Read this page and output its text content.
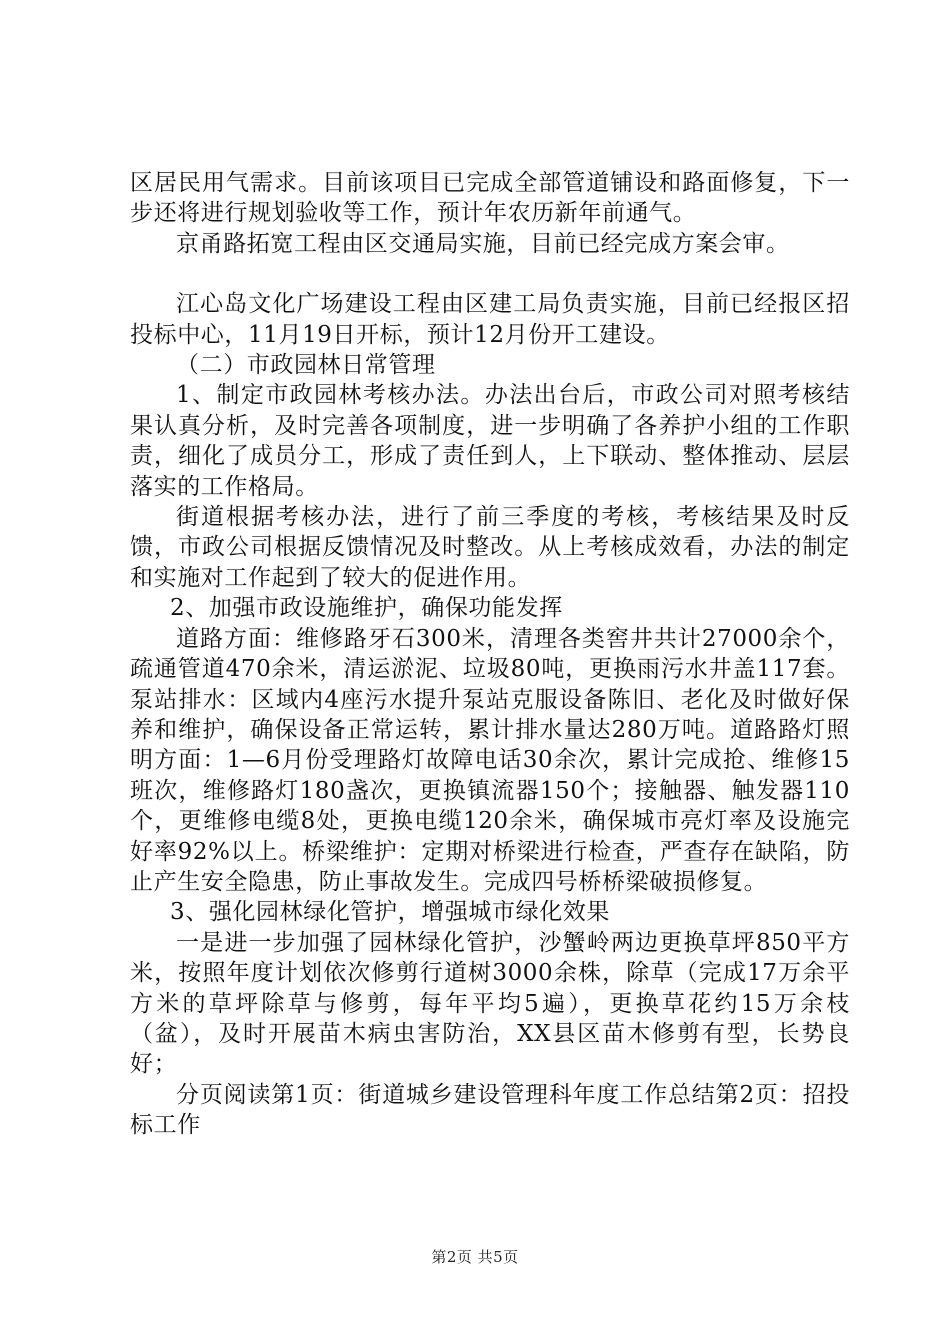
区居民用气需求。目前该项目已完成全部管道铺设和路面修复，下一步还将进行规划验收等工作，预计年农历新年前通气。

京甬路拓宽工程由区交通局实施，目前已经完成方案会审。

江心岛文化广场建设工程由区建工局负责实施，目前已经报区招投标中心，11月19日开标，预计12月份开工建设。

（二）市政园林日常管理

1、制定市政园林考核办法。办法出台后，市政公司对照考核结果认真分析，及时完善各项制度，进一步明确了各养护小组的工作职责，细化了成员分工，形成了责任到人，上下联动、整体推动、层层落实的工作格局。

街道根据考核办法，进行了前三季度的考核，考核结果及时反馈，市政公司根据反馈情况及时整改。从上考核成效看，办法的制定和实施对工作起到了较大的促进作用。

2、加强市政设施维护，确保功能发挥

道路方面：维修路牙石300米，清理各类窖井共计27000余个，疏通管道470余米，清运淤泥、垃圾80吨，更换雨污水井盖117套。泵站排水：区域内4座污水提升泵站克服设备陈旧、老化及时做好保养和维护，确保设备正常运转，累计排水量达280万吨。道路路灯照明方面：1—6月份受理路灯故障电话30余次，累计完成抢、维修15班次，维修路灯180盏次，更换镇流器150个；接触器、触发器110个，更维修电缆8处，更换电缆120余米，确保城市亮灯率及设施完好率92%以上。桥梁维护：定期对桥梁进行检查，严查存在缺陷，防止产生安全隐患，防止事故发生。完成四号桥桥梁破损修复。

3、强化园林绿化管护，增强城市绿化效果

一是进一步加强了园林绿化管护，沙蟹岭两边更换草坪850平方米，按照年度计划依次修剪行道树3000余株，除草（完成17万余平方米的草坪除草与修剪，每年平均5遍），更换草花约15万余枝（盆），及时开展苗木病虫害防治，XX县区苗木修剪有型，长势良好；

分页阅读第1页：街道城乡建设管理科年度工作总结第2页：招投标工作

第2页 共5页
